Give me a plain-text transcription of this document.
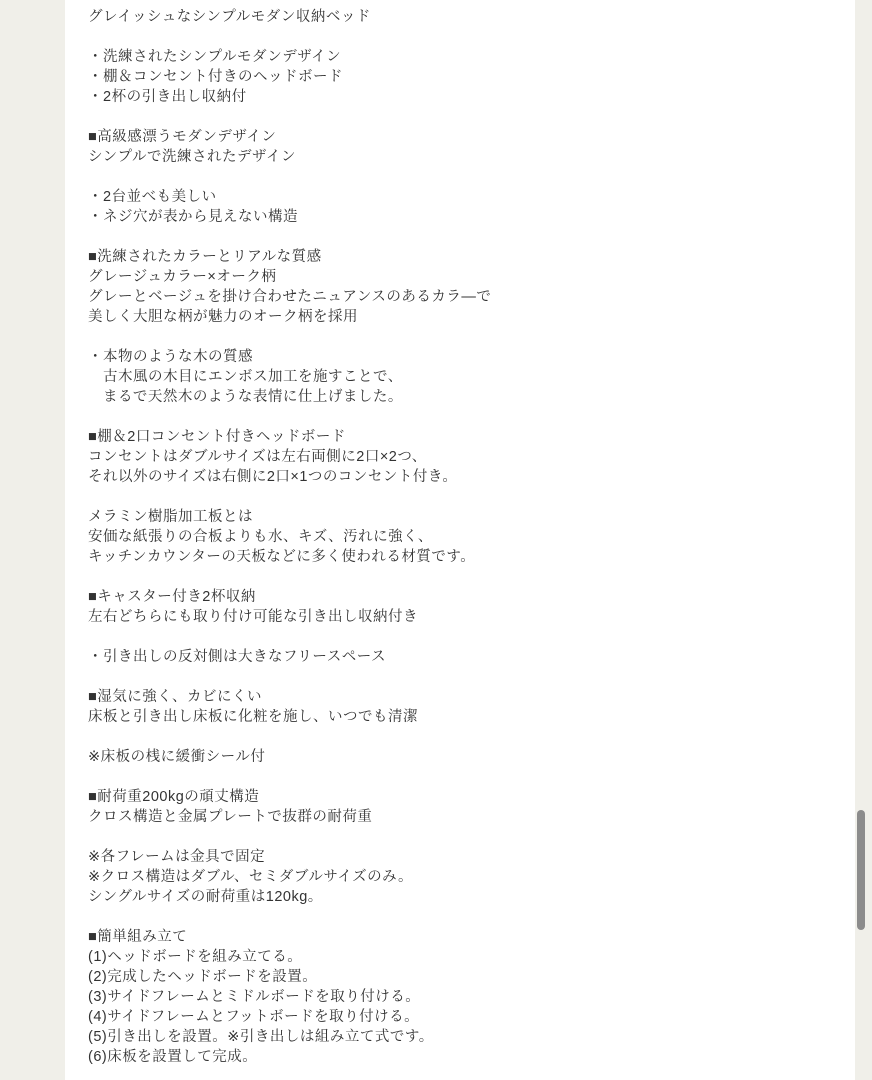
グレイッシュなシンプルモダン収納ベッド
・洗練されたシンプルモダンデザイン
・棚＆コンセント付きのヘッドボード
・2杯の引き出し収納付
■高級感漂うモダンデザイン
シンプルで洗練されたデザイン
・2台並べも美しい
・ネジ穴が表から見えない構造
■洗練されたカラーとリアルな質感
グレージュカラー×オーク柄
グレーとベージュを掛け合わせたニュアンスのあるカラ―で
美しく大胆な柄が魅力のオーク柄を採用
・本物のような木の質感
　古木風の木目にエンボス加工を施すことで、
　まるで天然木のような表情に仕上げました。
■棚＆2口コンセント付きヘッドボード
コンセントはダブルサイズは左右両側に2口×2つ、
それ以外のサイズは右側に2口×1つのコンセント付き。
メラミン樹脂加工板とは
安価な紙張りの合板よりも水、キズ、汚れに強く、
キッチンカウンターの天板などに多く使われる材質です。
■キャスター付き2杯収納
左右どちらにも取り付け可能な引き出し収納付き
・引き出しの反対側は大きなフリースペース
■湿気に強く、カビにくい
床板と引き出し床板に化粧を施し、いつでも清潔
※床板の桟に緩衝シール付
■耐荷重200kgの頑丈構造
クロス構造と金属プレートで抜群の耐荷重
※各フレームは金具で固定
※クロス構造はダブル、セミダブルサイズのみ。
シングルサイズの耐荷重は120kg。
■簡単組み立て
(1)ヘッドボードを組み立てる。
(2)完成したヘッドボードを設置。
(3)サイドフレームとミドルボードを取り付ける。
(4)サイドフレームとフットボードを取り付ける。
(5)引き出しを設置。※引き出しは組み立て式です。
(6)床板を設置して完成。
